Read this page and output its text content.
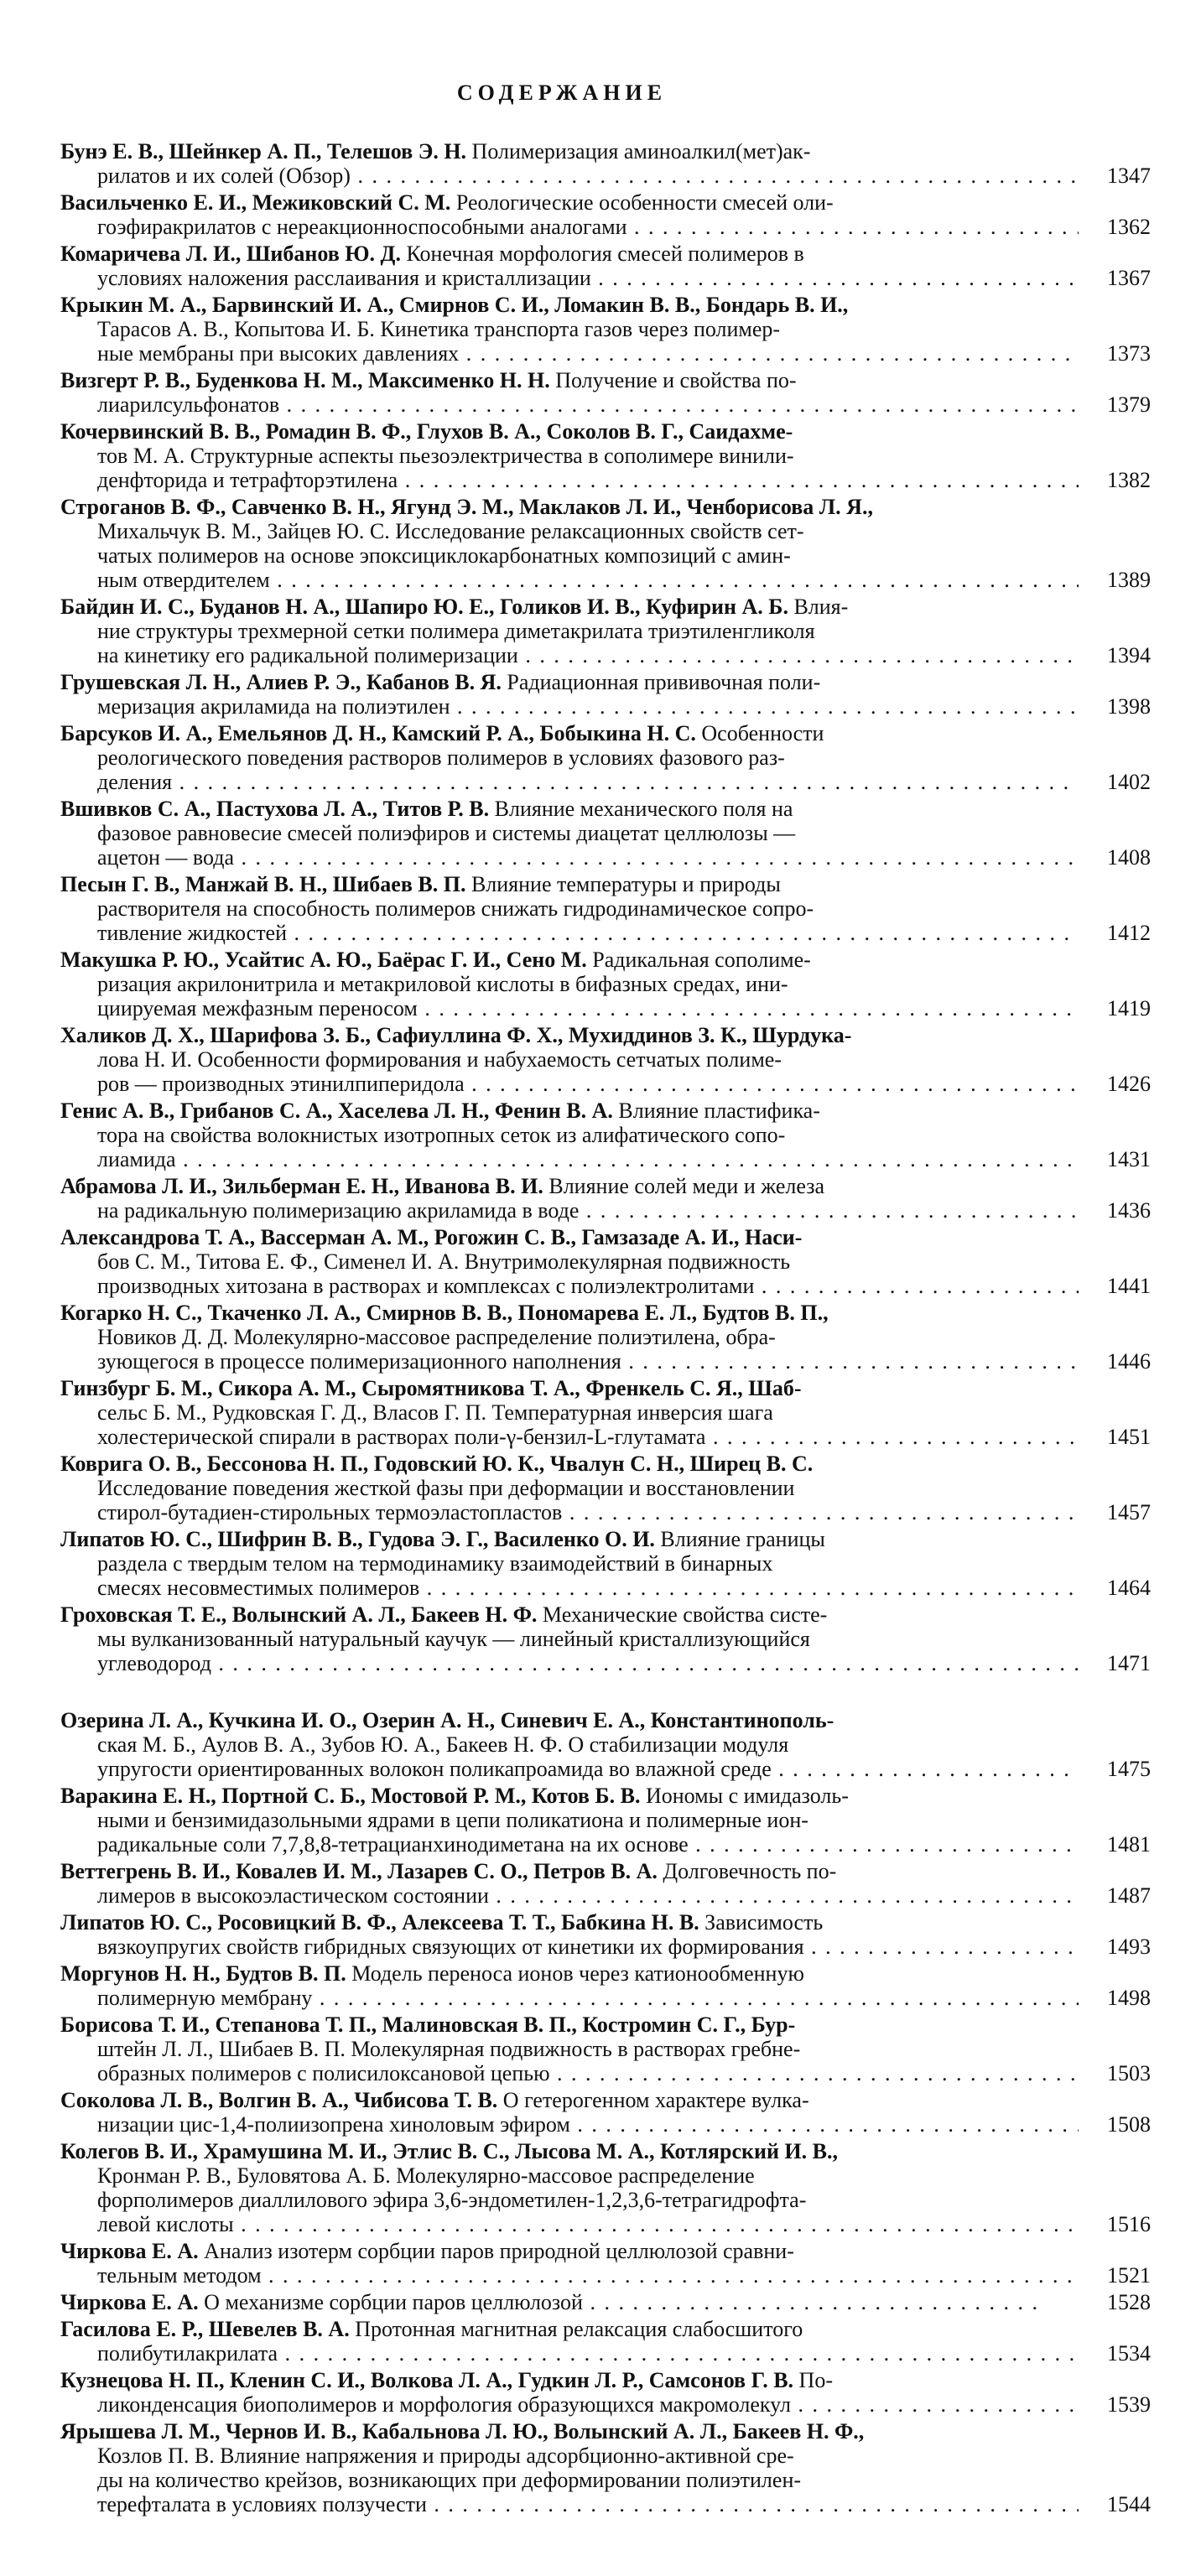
СОДЕРЖАНИЕ
Бунэ Е. В., Шейнкер А. П., Телешов Э. Н. Полимеризация аминоалкил(мет)ак-
рилатов и их солей (Обзор) . . .	1347
Васильченко Е. И., Межиковский С. М. Реологические особенности смесей оли-
гоэфиракрилатов с нереакционноспособными аналогами . . .	1362
Комаричева Л. И., Шибанов Ю. Д. Конечная морфология смесей полимеров в
условиях наложения расслаивания и кристаллизации . . .	1367
Крыкин М. А., Барвинский И. А., Смирнов С. И., Ломакин В. В., Бондарь В. И.,
Тарасов А. В., Копытова И. Б. Кинетика транспорта газов через полимер-
ные мембраны при высоких давлениях . . .	1373
Визгерт Р. В., Буденкова Н. М., Максименко Н. Н. Получение и свойства по-
лиарилсульфонатов . . .	1379
Кочервинский В. В., Ромадин В. Ф., Глухов В. А., Соколов В. Г., Саидахме-
тов М. А. Структурные аспекты пьезоэлектричества в сополимере винили-
денфторида и тетрафторэтилена . . .	1382
Строганов В. Ф., Савченко В. Н., Ягунд Э. М., Маклаков Л. И., Ченборисова Л. Я.,
Михальчук В. М., Зайцев Ю. С. Исследование релаксационных свойств сет-
чатых полимеров на основе эпоксициклокарбонатных композиций с амин-
ным отвердителем . . .	1389
Байдин И. С., Буданов Н. А., Шапиро Ю. Е., Голиков И. В., Куфирин А. Б. Влия-
ние структуры трехмерной сетки полимера диметакрилата триэтиленгликоля
на кинетику его радикальной полимеризации . . .	1394
Грушевская Л. Н., Алиев Р. Э., Кабанов В. Я. Радиационная прививочная поли-
меризация акриламида на полиэтилен . . .	1398
Барсуков И. А., Емельянов Д. Н., Камский Р. А., Бобыкина Н. С. Особенности
реологического поведения растворов полимеров в условиях фазового раз-
деления . . .	1402
Вшивков С. А., Пастухова Л. А., Титов Р. В. Влияние механического поля на
фазовое равновесие смесей полиэфиров и системы диацетат целлюлозы —
ацетон — вода . . .	1408
Песын Г. В., Манжай В. Н., Шибаев В. П. Влияние температуры и природы
растворителя на способность полимеров снижать гидродинамическое сопро-
тивление жидкостей . . .	1412
Макушка Р. Ю., Усайтис А. Ю., Баёрас Г. И., Сено М. Радикальная сополиме-
ризация акрилонитрила и метакриловой кислоты в бифазных средах, ини-
циируемая межфазным переносом . . .	1419
Халиков Д. Х., Шарифова З. Б., Сафиуллина Ф. Х., Мухиддинов З. К., Шурдука-
лова Н. И. Особенности формирования и набухаемость сетчатых полиме-
ров — производных этинилпиперидола . . .	1426
Генис А. В., Грибанов С. А., Хаселева Л. Н., Фенин В. А. Влияние пластифика-
тора на свойства волокнистых изотропных сеток из алифатического сопо-
лиамида . . .	1431
Абрамова Л. И., Зильберман Е. Н., Иванова В. И. Влияние солей меди и железа
на радикальную полимеризацию акриламида в воде . . .	1436
Александрова Т. А., Вассерман А. М., Рогожин С. В., Гамзазаде А. И., Наси-
бов С. М., Титова Е. Ф., Сименел И. А. Внутримолекулярная подвижность
производных хитозана в растворах и комплексах с полиэлектролитами . . .	1441
Когарко Н. С., Ткаченко Л. А., Смирнов В. В., Пономарева Е. Л., Будтов В. П.,
Новиков Д. Д. Молекулярно-массовое распределение полиэтилена, обра-
зующегося в процессе полимеризационного наполнения . . .	1446
Гинзбург Б. М., Сикора А. М., Сыромятникова Т. А., Френкель С. Я., Шаб-
сельс Б. М., Рудковская Г. Д., Власов Г. П. Температурная инверсия шага
холестерической спирали в растворах поли-γ-бензил-L-глутамата . . .	1451
Коврига О. В., Бессонова Н. П., Годовский Ю. К., Чвалун С. Н., Ширец В. С.
Исследование поведения жесткой фазы при деформации и восстановлении
стирол-бутадиен-стирольных термоэластопластов . . .	1457
Липатов Ю. С., Шифрин В. В., Гудова Э. Г., Василенко О. И. Влияние границы
раздела с твердым телом на термодинамику взаимодействий в бинарных
смесях несовместимых полимеров . . .	1464
Гроховская Т. Е., Волынский А. Л., Бакеев Н. Ф. Механические свойства систе-
мы вулканизованный натуральный каучук — линейный кристаллизующийся
углеводород . . .	1471
Озерина Л. А., Кучкина И. О., Озерин А. Н., Синевич Е. А., Константинополь-
ская М. Б., Аулов В. А., Зубов Ю. А., Бакеев Н. Ф. О стабилизации модуля
упругости ориентированных волокон поликапроамида во влажной среде . . .	1475
Варакина Е. Н., Портной С. Б., Мостовой Р. М., Котов Б. В. Иономы с имидазоль-
ными и бензимидазольными ядрами в цепи поликатиона и полимерные ион-
радикальные соли 7,7,8,8-тетрацианхинодиметана на их основе . . .	1481
Веттегрень В. И., Ковалев И. М., Лазарев С. О., Петров В. А. Долговечность по-
лимеров в высокоэластическом состоянии . . .	1487
Липатов Ю. С., Росовицкий В. Ф., Алексеева Т. Т., Бабкина Н. В. Зависимость
вязкоупругих свойств гибридных связующих от кинетики их формирования . . .	1493
Моргунов Н. Н., Будтов В. П. Модель переноса ионов через катионообменную
полимерную мембрану . . .	1498
Борисова Т. И., Степанова Т. П., Малиновская В. П., Костромин С. Г., Бур-
штейн Л. Л., Шибаев В. П. Молекулярная подвижность в растворах гребне-
образных полимеров с полисилоксановой цепью . . .	1503
Соколова Л. В., Волгин В. А., Чибисова Т. В. О гетерогенном характере вулка-
низации цис-1,4-полиизопрена хиноловым эфиром . . .	1508
Колегов В. И., Храмушина М. И., Этлис В. С., Лысова М. А., Котлярский И. В.,
Кронман Р. В., Буловятова А. Б. Молекулярно-массовое распределение
форполимеров диаллилового эфира 3,6-эндометилен-1,2,3,6-тетрагидрофта-
левой кислоты . . .	1516
Чиркова Е. А. Анализ изотерм сорбции паров природной целлюлозой сравни-
тельным методом . . .	1521
Чиркова Е. А. О механизме сорбции паров целлюлозой . . .	1528
Гасилова Е. Р., Шевелев В. А. Протонная магнитная релаксация слабосшитого
полибутилакрилата . . .	1534
Кузнецова Н. П., Кленин С. И., Волкова Л. А., Гудкин Л. Р., Самсонов Г. В. По-
ликонденсация биополимеров и морфология образующихся макромолекул . . .	1539
Ярышева Л. М., Чернов И. В., Кабальнова Л. Ю., Волынский А. Л., Бакеев Н. Ф.,
Козлов П. В. Влияние напряжения и природы адсорбционно-активной сре-
ды на количество крейзов, возникающих при деформировании полиэтилен-
терефталата в условиях ползучести . . .	1544
